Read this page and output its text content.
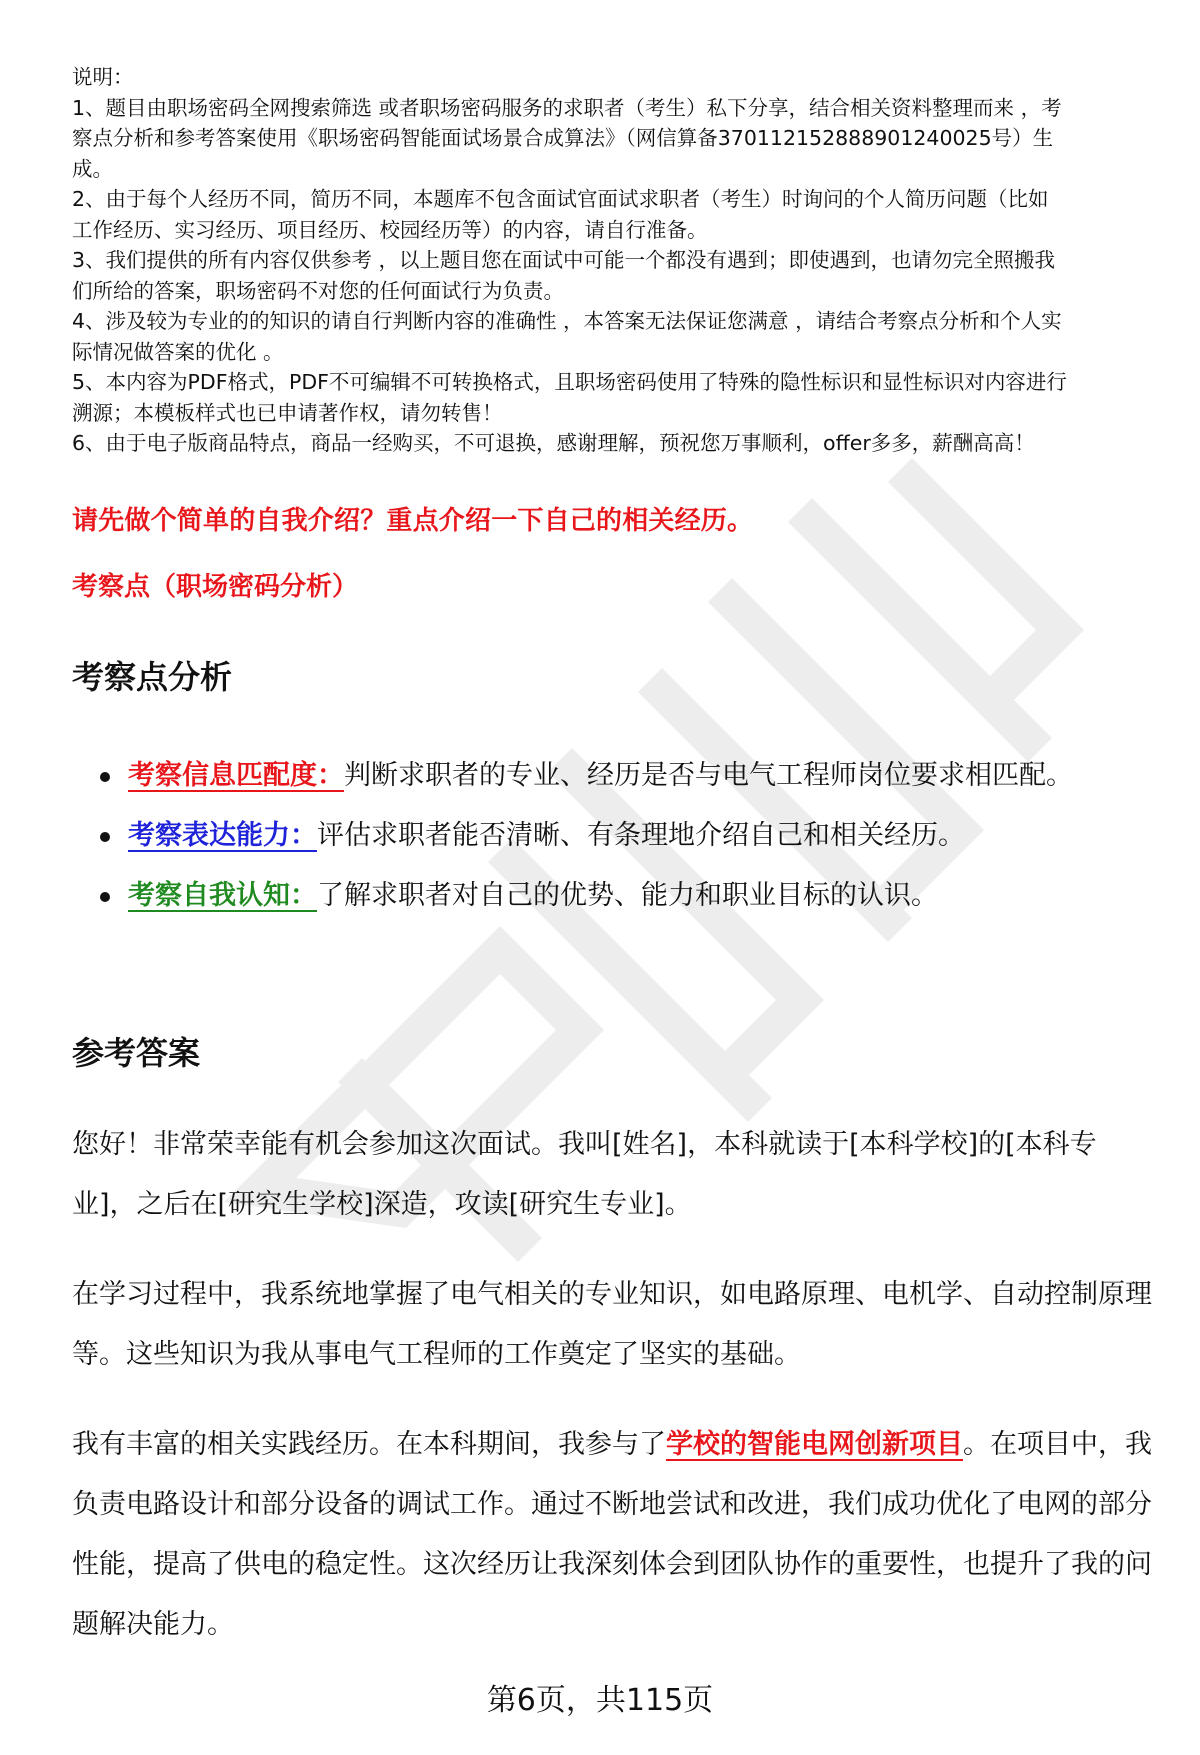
说明：
1、题目由职场密码全网搜索筛选 或者职场密码服务的求职者（考生）私下分享，结合相关资料整理而来 ，考
察点分析和参考答案使用《职场密码智能面试场景合成算法》（网信算备370112152888901240025号）生
成。
2、由于每个人经历不同，简历不同，本题库不包含面试官面试求职者（考生）时询问的个人简历问题（比如
工作经历、实习经历、项目经历、校园经历等）的内容，请自行准备。
3、我们提供的所有内容仅供参考 ，以上题目您在面试中可能一个都没有遇到；即使遇到，也请勿完全照搬我
们所给的答案，职场密码不对您的任何面试行为负责。
4、涉及较为专业的的知识的请自行判断内容的准确性 ，本答案无法保证您满意 ，请结合考察点分析和个人实
际情况做答案的优化 。
5、本内容为PDF格式，PDF不可编辑不可转换格式，且职场密码使用了特殊的隐性标识和显性标识对内容进行
溯源；本模板样式也已申请著作权，请勿转售！
6、由于电子版商品特点，商品一经购买，不可退换，感谢理解，预祝您万事顺利，offer多多，薪酬高高！
请先做个简单的自我介绍？重点介绍一下自己的相关经历。
考察点（职场密码分析）
考察点分析
考察信息匹配度：判断求职者的专业、经历是否与电气工程师岗位要求相匹配。
考察表达能力：评估求职者能否清晰、有条理地介绍自己和相关经历。
考察自我认知：了解求职者对自己的优势、能力和职业目标的认识。
参考答案

您好！非常荣幸能有机会参加这次面试。我叫[姓名]，本科就读于[本科学校]的[本科专业]，之后在[研究生学校]深造，攻读[研究生专业]。

在学习过程中，我系统地掌握了电气相关的专业知识，如电路原理、电机学、自动控制原理等。这些知识为我从事电气工程师的工作奠定了坚实的基础。

我有丰富的相关实践经历。在本科期间，我参与了学校的智能电网创新项目。在项目中，我负责电路设计和部分设备的调试工作。通过不断地尝试和改进，我们成功优化了电网的部分性能，提高了供电的稳定性。这次经历让我深刻体会到团队协作的重要性，也提升了我的问题解决能力。

第6页，共115页
